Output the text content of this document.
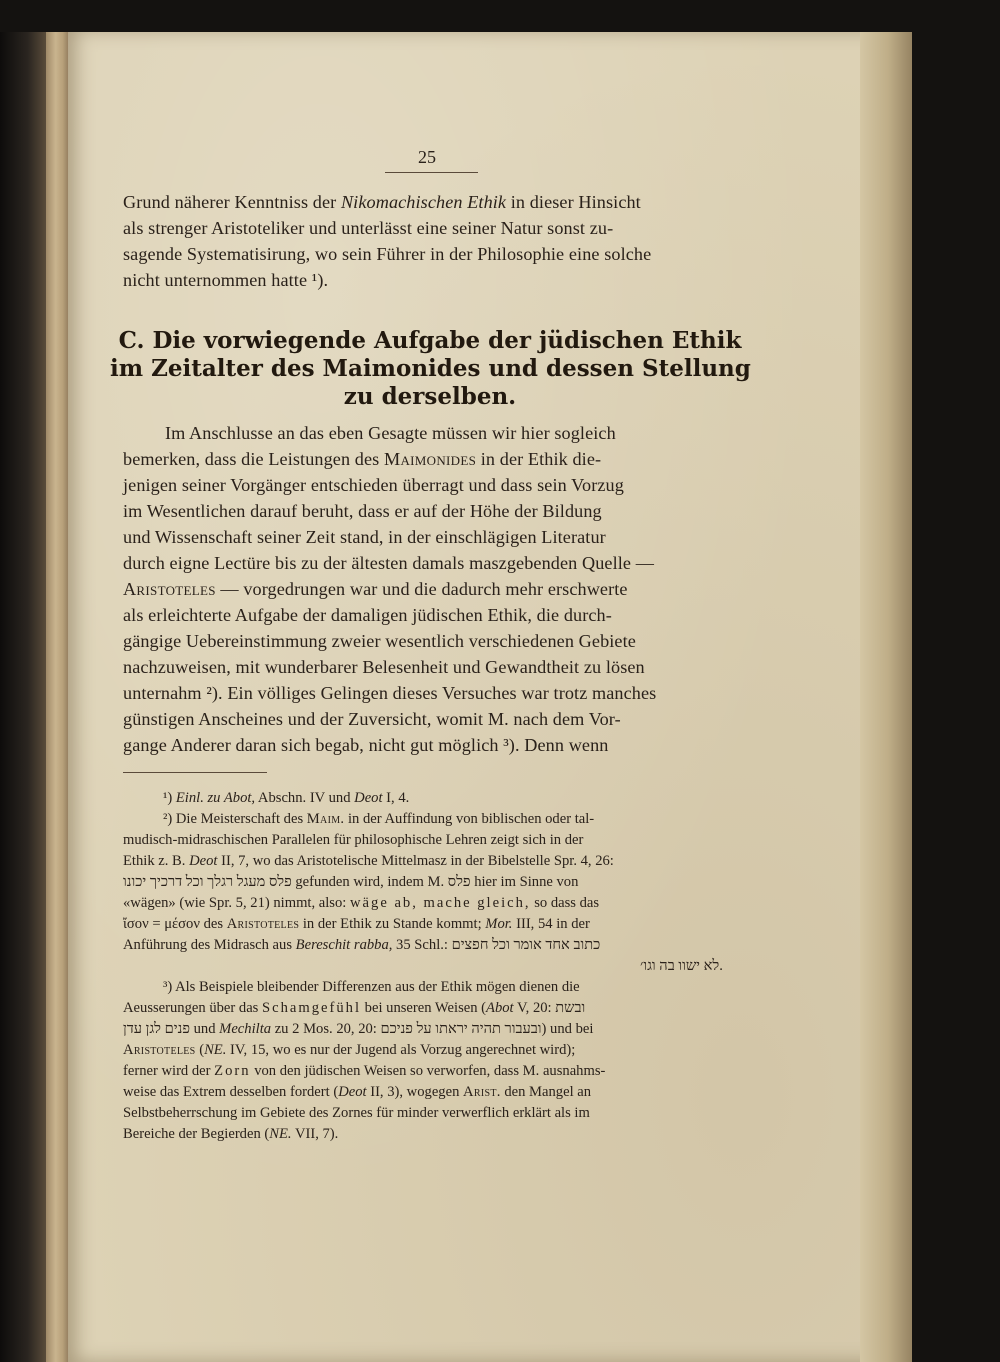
25
Grund näherer Kenntniss der Nikomachischen Ethik in dieser Hinsicht
als strenger Aristoteliker und unterlässt eine seiner Natur sonst zu-
sagende Systematisirung, wo sein Führer in der Philosophie eine solche
nicht unternommen hatte ¹).
C. Die vorwiegende Aufgabe der jüdischen Ethik
im Zeitalter des Maimonides und dessen Stellung
zu derselben.
Im Anschlusse an das eben Gesagte müssen wir hier sogleich
bemerken, dass die Leistungen des Maimonides in der Ethik die-
jenigen seiner Vorgänger entschieden überragt und dass sein Vorzug
im Wesentlichen darauf beruht, dass er auf der Höhe der Bildung
und Wissenschaft seiner Zeit stand, in der einschlägigen Literatur
durch eigne Lectüre bis zu der ältesten damals maszgebenden Quelle —
Aristoteles — vorgedrungen war und die dadurch mehr erschwerte
als erleichterte Aufgabe der damaligen jüdischen Ethik, die durch-
gängige Uebereinstimmung zweier wesentlich verschiedenen Gebiete
nachzuweisen, mit wunderbarer Belesenheit und Gewandtheit zu lösen
unternahm ²). Ein völliges Gelingen dieses Versuches war trotz manches
günstigen Anscheines und der Zuversicht, womit M. nach dem Vor-
gange Anderer daran sich begab, nicht gut möglich ³). Denn wenn
¹) Einl. zu Abot, Abschn. IV und Deot I, 4.
²) Die Meisterschaft des Maim. in der Auffindung von biblischen oder tal-
mudisch-midraschischen Parallelen für philosophische Lehren zeigt sich in der
Ethik z. B. Deot II, 7, wo das Aristotelische Mittelmasz in der Bibelstelle Spr. 4, 26:
פלס מעגל רגלך וכל דרכיך יכונו gefunden wird, indem M. פלס hier im Sinne von
«wägen» (wie Spr. 5, 21) nimmt, also: wäge ab, mache gleich, so dass das
ἴσον = μέσον des Aristoteles in der Ethik zu Stande kommt; Mor. III, 54 in der
Anführung des Midrasch aus Bereschit rabba, 35 Schl.: כתוב אחד אומר וכל חפצים
לא ישוו בה וגו׳.
³) Als Beispiele bleibender Differenzen aus der Ethik mögen dienen die
Aeusserungen über das Schamgefühl bei unseren Weisen (Abot V, 20: ובשת
פנים לגן עדן und Mechilta zu 2 Mos. 20, 20: (ובעבור תהיה יראתו על פניכם und bei
Aristoteles (NE. IV, 15, wo es nur der Jugend als Vorzug angerechnet wird);
ferner wird der Zorn von den jüdischen Weisen so verworfen, dass M. ausnahms-
weise das Extrem desselben fordert (Deot II, 3), wogegen Arist. den Mangel an
Selbstbeherrschung im Gebiete des Zornes für minder verwerflich erklärt als im
Bereiche der Begierden (NE. VII, 7).
